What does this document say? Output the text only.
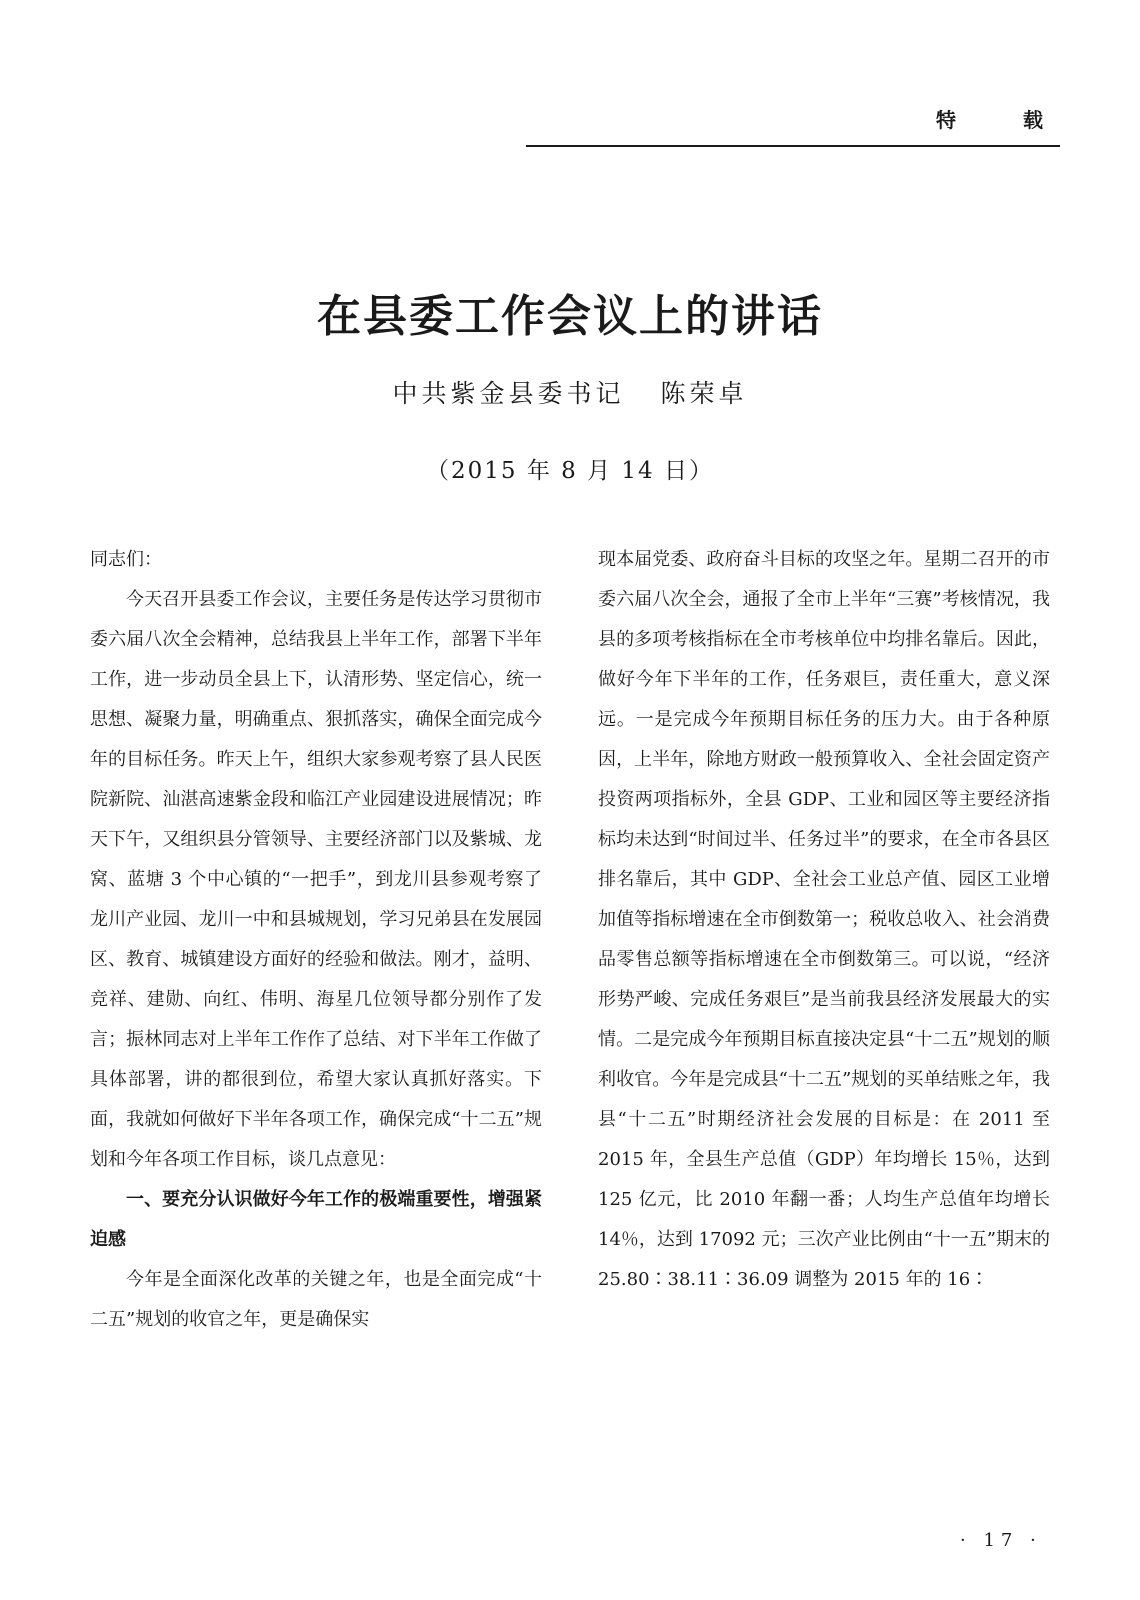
特 载
在县委工作会议上的讲话
中共紫金县委书记 陈荣卓
（2015 年 8 月 14 日）

同志们：

今天召开县委工作会议，主要任务是传达学习贯彻市委六届八次全会精神，总结我县上半年工作，部署下半年工作，进一步动员全县上下，认清形势、坚定信心，统一思想、凝聚力量，明确重点、狠抓落实，确保全面完成今年的目标任务。昨天上午，组织大家参观考察了县人民医院新院、汕湛高速紫金段和临江产业园建设进展情况；昨天下午，又组织县分管领导、主要经济部门以及紫城、龙窝、蓝塘 3 个中心镇的“一把手”，到龙川县参观考察了龙川产业园、龙川一中和县城规划，学习兄弟县在发展园区、教育、城镇建设方面好的经验和做法。刚才，益明、竞祥、建勋、向红、伟明、海星几位领导都分别作了发言；振林同志对上半年工作作了总结、对下半年工作做了具体部署，讲的都很到位，希望大家认真抓好落实。下面，我就如何做好下半年各项工作，确保完成“十二五”规划和今年各项工作目标，谈几点意见：

一、要充分认识做好今年工作的极端重要性，增强紧迫感

今年是全面深化改革的关键之年，也是全面完成“十二五”规划的收官之年，更是确保实

现本届党委、政府奋斗目标的攻坚之年。星期二召开的市委六届八次全会，通报了全市上半年“三赛”考核情况，我县的多项考核指标在全市考核单位中均排名靠后。因此，做好今年下半年的工作，任务艰巨，责任重大，意义深远。一是完成今年预期目标任务的压力大。由于各种原因，上半年，除地方财政一般预算收入、全社会固定资产投资两项指标外，全县 GDP、工业和园区等主要经济指标均未达到“时间过半、任务过半”的要求，在全市各县区排名靠后，其中 GDP、全社会工业总产值、园区工业增加值等指标增速在全市倒数第一；税收总收入、社会消费品零售总额等指标增速在全市倒数第三。可以说，“经济形势严峻、完成任务艰巨”是当前我县经济发展最大的实情。二是完成今年预期目标直接决定县“十二五”规划的顺利收官。今年是完成县“十二五”规划的买单结账之年，我县“十二五”时期经济社会发展的目标是：在 2011 至 2015 年，全县生产总值（GDP）年均增长 15％，达到 125 亿元，比 2010 年翻一番；人均生产总值年均增长 14％，达到 17092 元；三次产业比例由“十一五”期末的 25.80∶38.11∶36.09 调整为 2015 年的 16∶

· 17 ·
